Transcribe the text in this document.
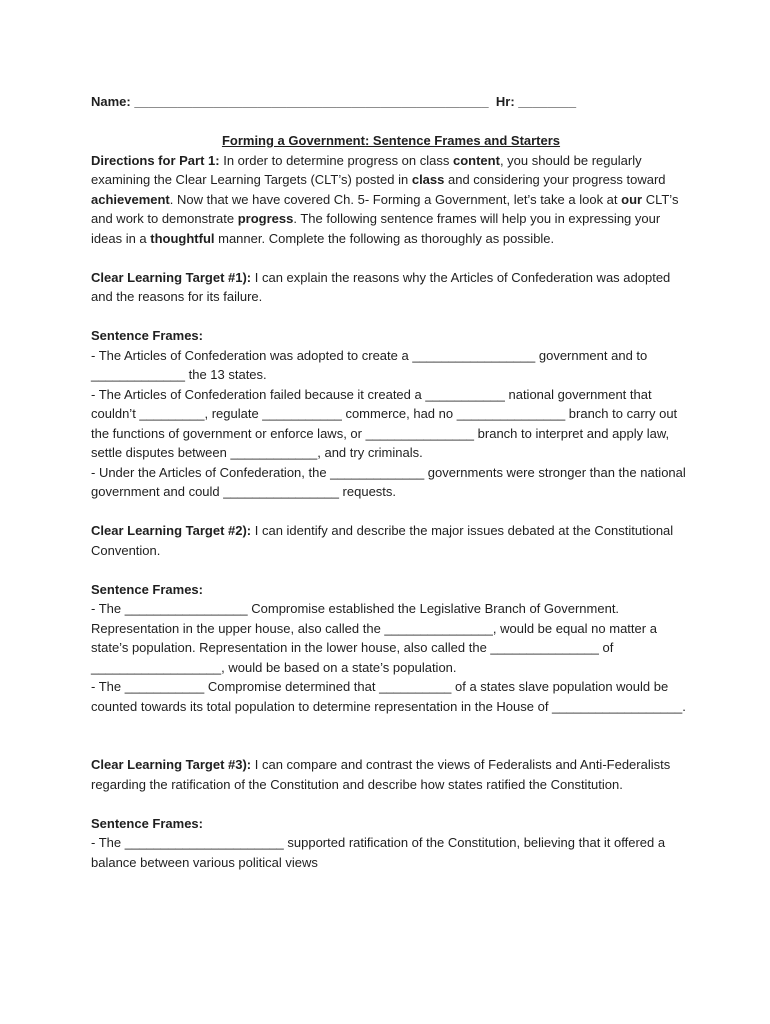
Name: _________________________________________________ Hr: ________

Forming a Government: Sentence Frames and Starters

Directions for Part 1: In order to determine progress on class content, you should be regularly examining the Clear Learning Targets (CLT’s) posted in class and considering your progress toward achievement. Now that we have covered Ch. 5- Forming a Government, let’s take a look at our CLT’s and work to demonstrate progress. The following sentence frames will help you in expressing your ideas in a thoughtful manner. Complete the following as thoroughly as possible.

Clear Learning Target #1): I can explain the reasons why the Articles of Confederation was adopted and the reasons for its failure.

Sentence Frames:

- The Articles of Confederation was adopted to create a _________________ government and to _____________ the 13 states.

- The Articles of Confederation failed because it created a ___________ national government that couldn’t _________, regulate ___________ commerce, had no _______________ branch to carry out the functions of government or enforce laws, or _______________ branch to interpret and apply law, settle disputes between ____________, and try criminals.

- Under the Articles of Confederation, the _____________ governments were stronger than the national government and could ________________ requests.

Clear Learning Target #2): I can identify and describe the major issues debated at the Constitutional Convention.

Sentence Frames:

- The _________________ Compromise established the Legislative Branch of Government. Representation in the upper house, also called the _______________, would be equal no matter a state’s population. Representation in the lower house, also called the _______________ of __________________, would be based on a state’s population.

- The ___________ Compromise determined that __________ of a states slave population would be counted towards its total population to determine representation in the House of __________________.

Clear Learning Target #3): I can compare and contrast the views of Federalists and Anti-Federalists regarding the ratification of the Constitution and describe how states ratified the Constitution.

Sentence Frames:

- The ______________________ supported ratification of the Constitution, believing that it offered a balance between various political views
